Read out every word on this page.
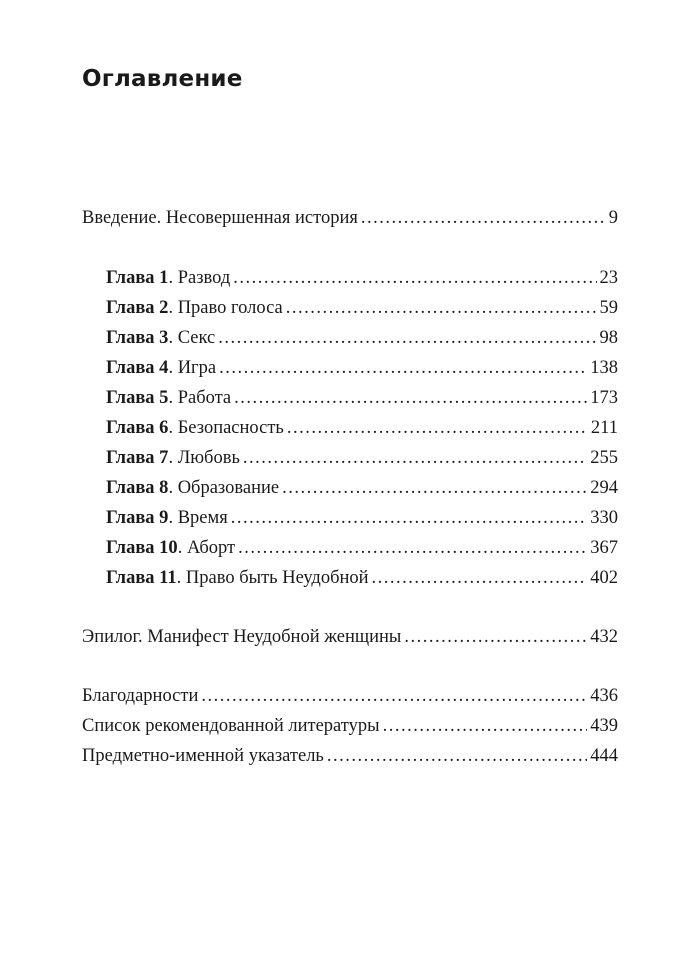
Оглавление
Введение. Несовершенная история .....	9
Глава 1. Развод .....	23
Глава 2. Право голоса .....	59
Глава 3. Секс .....	98
Глава 4. Игра .....	138
Глава 5. Работа .....	173
Глава 6. Безопасность .....	211
Глава 7. Любовь .....	255
Глава 8. Образование .....	294
Глава 9. Время .....	330
Глава 10. Аборт .....	367
Глава 11. Право быть Неудобной .....	402
Эпилог. Манифест Неудобной женщины .....	432
Благодарности .....	436
Список рекомендованной литературы .....	439
Предметно-именной указатель .....	444
